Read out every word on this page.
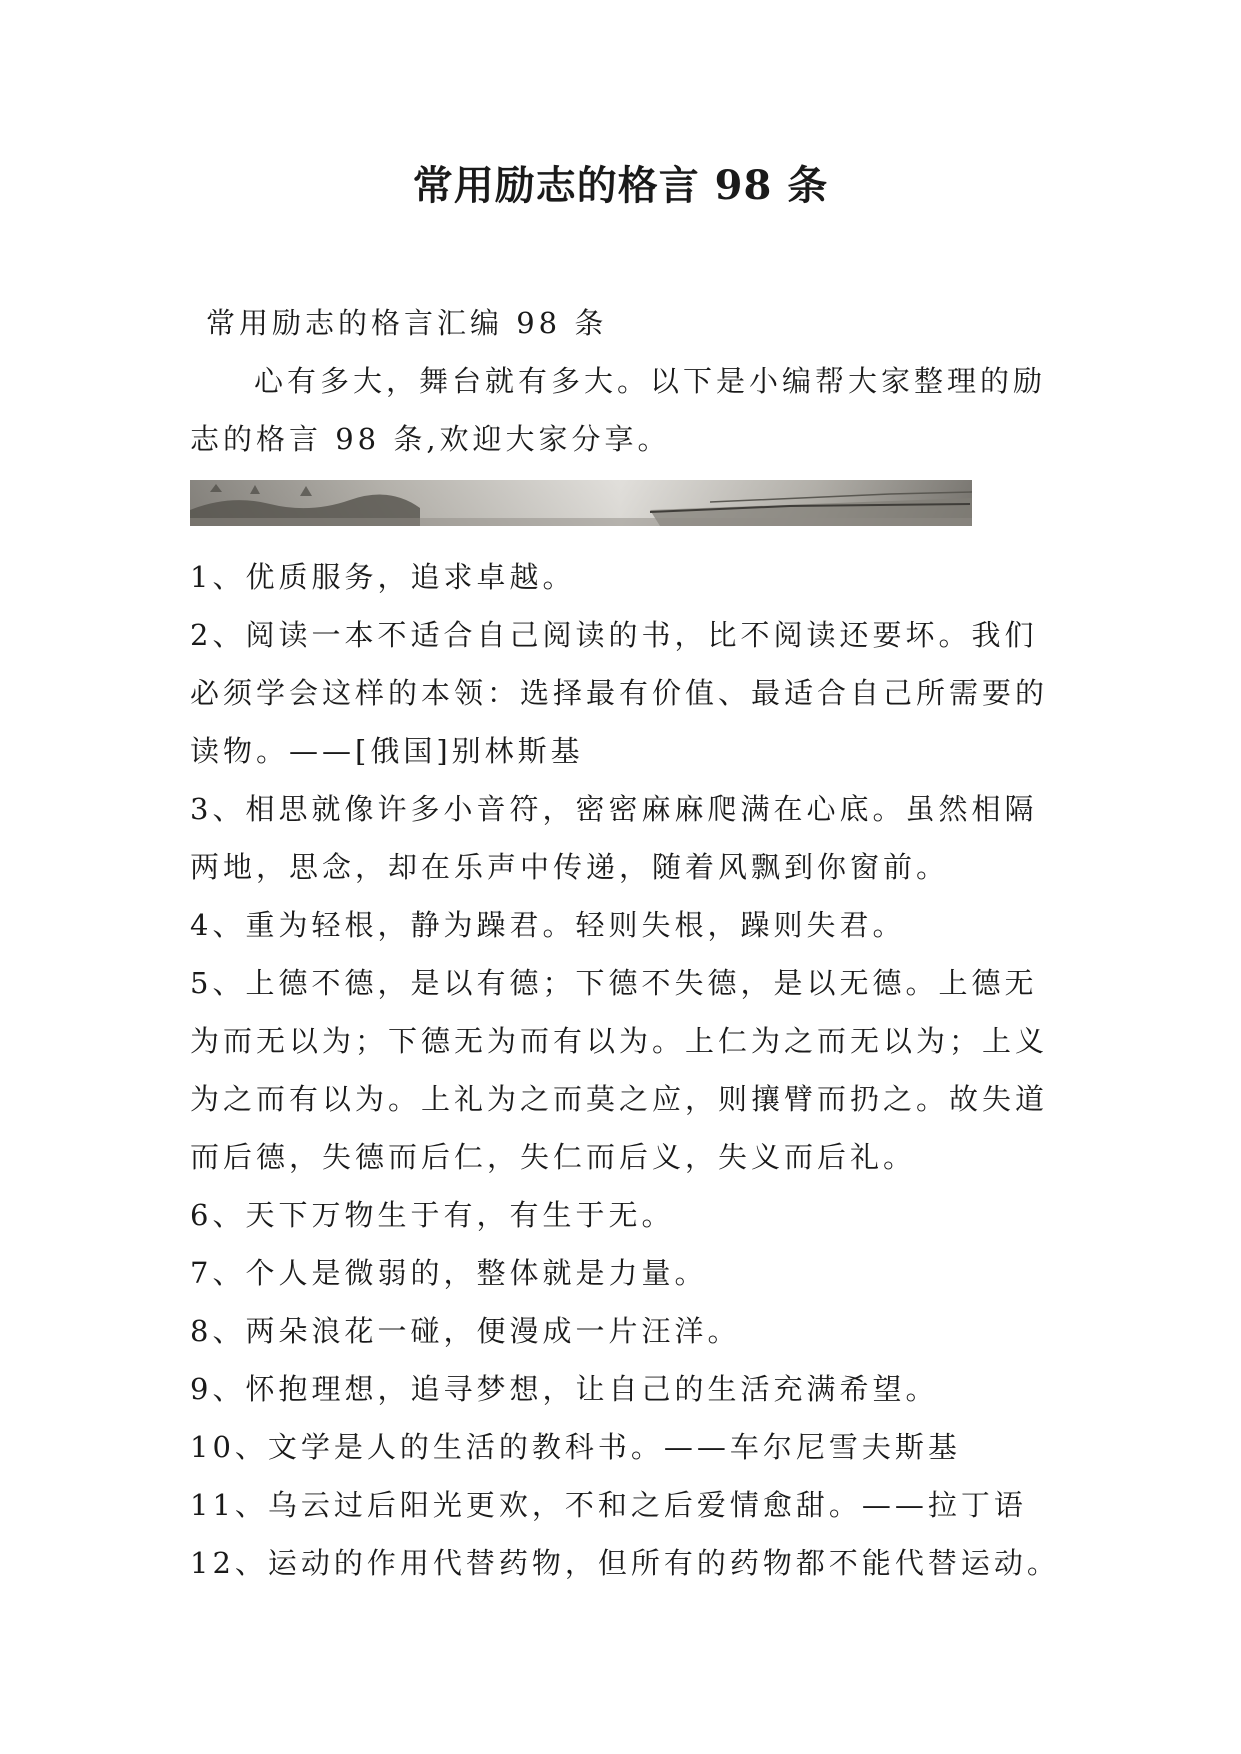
常用励志的格言 98 条

常用励志的格言汇编 98 条

心有多大，舞台就有多大。以下是小编帮大家整理的励志的格言 98 条,欢迎大家分享。

1、优质服务，追求卓越。
2、阅读一本不适合自己阅读的书，比不阅读还要坏。我们必须学会这样的本领：选择最有价值、最适合自己所需要的读物。——[俄国]别林斯基
3、相思就像许多小音符，密密麻麻爬满在心底。虽然相隔两地，思念，却在乐声中传递，随着风飘到你窗前。
4、重为轻根，静为躁君。轻则失根，躁则失君。
5、上德不德，是以有德；下德不失德，是以无德。上德无为而无以为；下德无为而有以为。上仁为之而无以为；上义为之而有以为。上礼为之而莫之应，则攘臂而扔之。故失道而后德，失德而后仁，失仁而后义，失义而后礼。
6、天下万物生于有，有生于无。
7、个人是微弱的，整体就是力量。
8、两朵浪花一碰，便漫成一片汪洋。
9、怀抱理想，追寻梦想，让自己的生活充满希望。
10、文学是人的生活的教科书。——车尔尼雪夫斯基
11、乌云过后阳光更欢，不和之后爱情愈甜。——拉丁语
12、运动的作用代替药物，但所有的药物都不能代替运动。
